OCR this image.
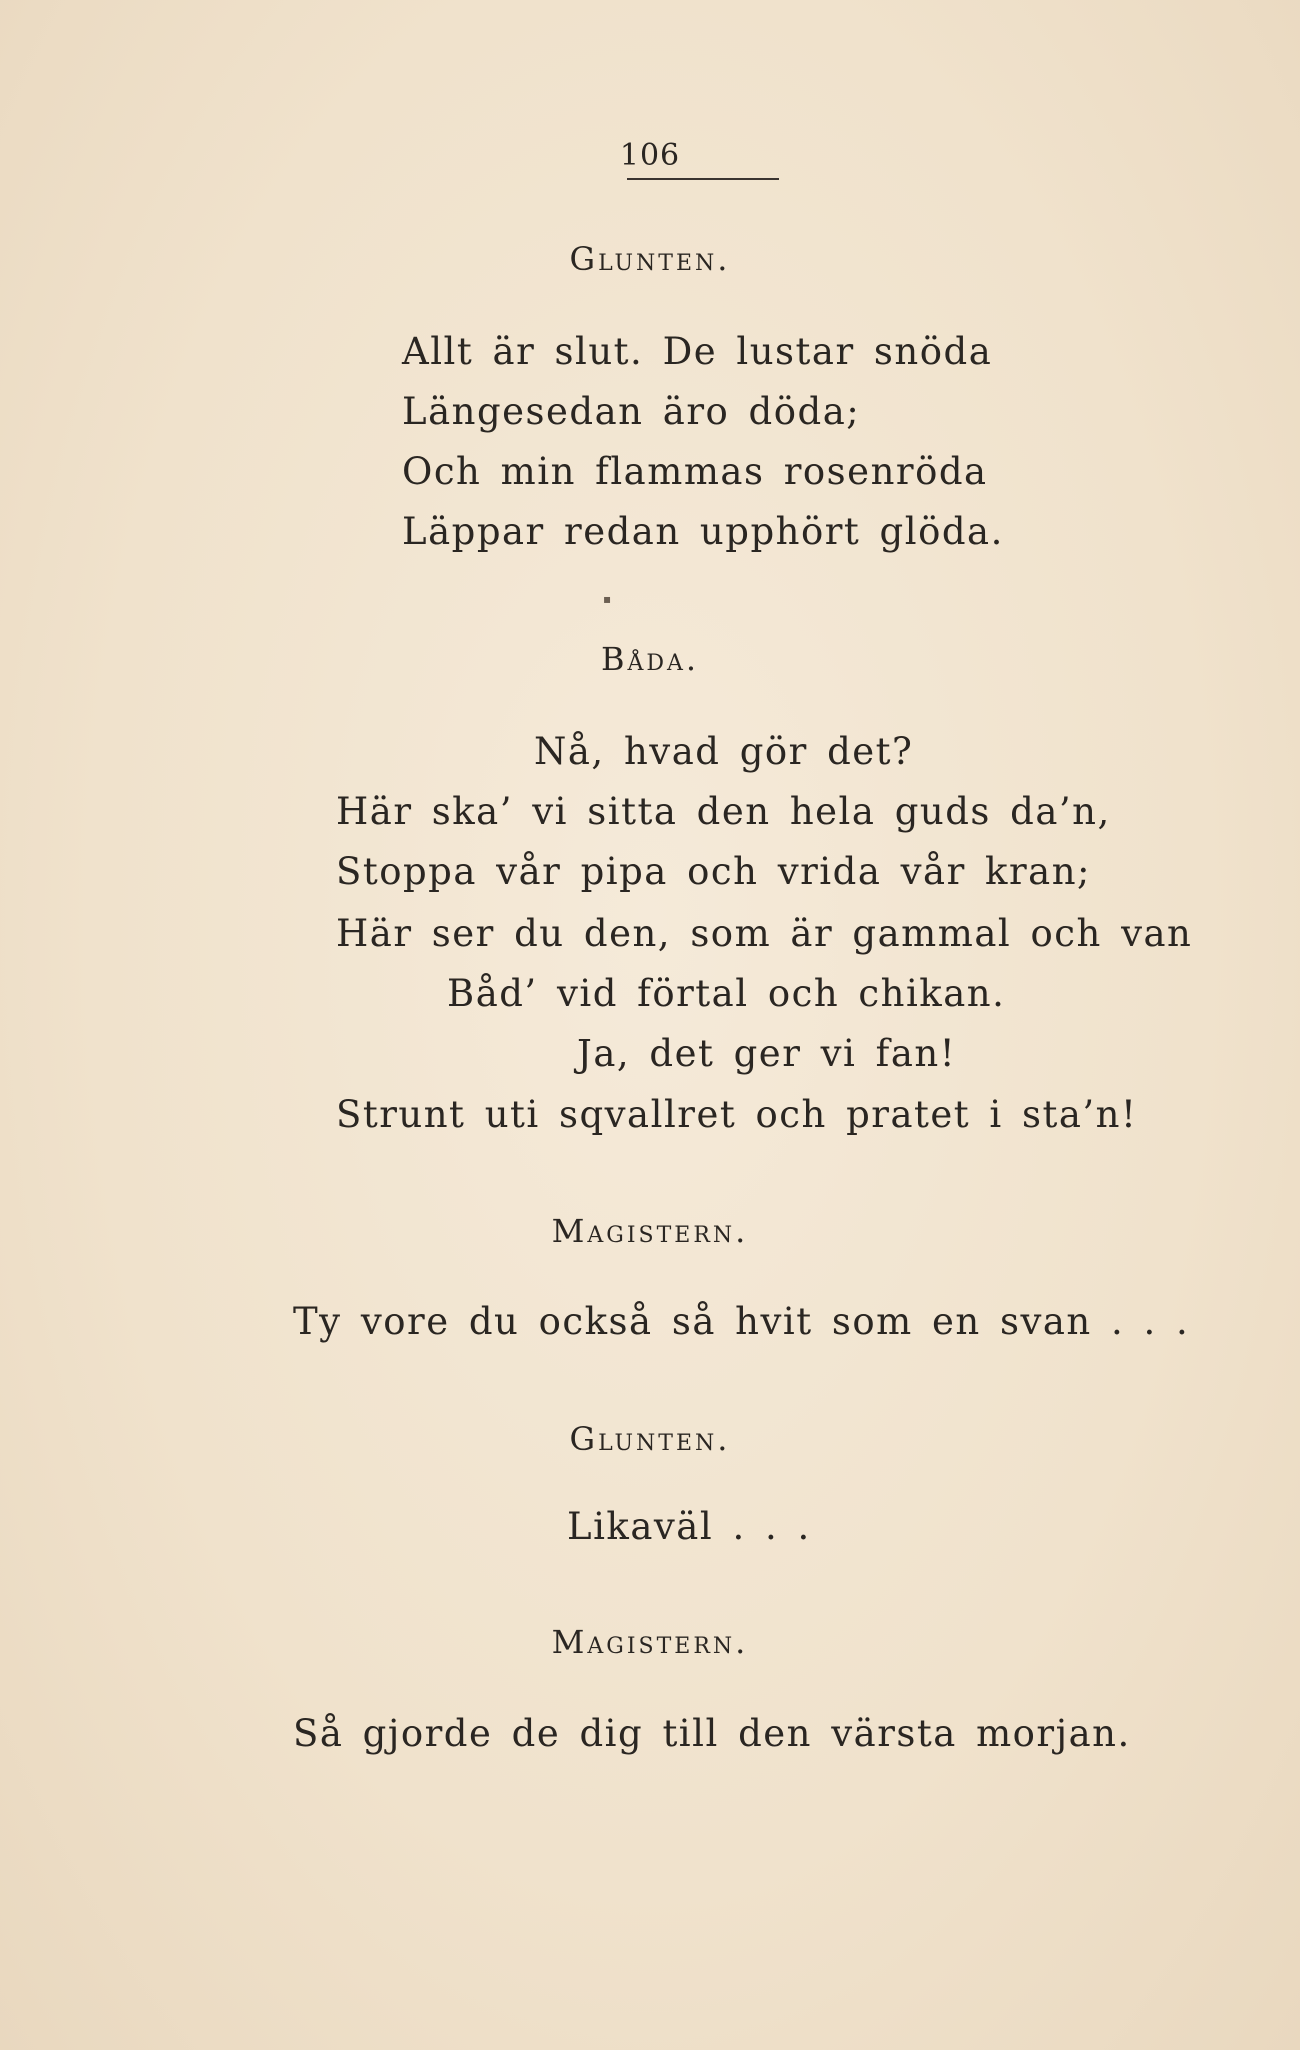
106
Glunten.
Allt är slut. De lustar snöda
Längesedan äro döda;
Och min flammas rosenröda
Läppar redan upphört glöda.
▪
Båda.
Nå, hvad gör det?
Här ska’ vi sitta den hela guds da’n,
Stoppa vår pipa och vrida vår kran;
Här ser du den, som är gammal och van
Båd’ vid förtal och chikan.
Ja, det ger vi fan!
Strunt uti sqvallret och pratet i sta’n!
Magistern.
Ty vore du också så hvit som en svan . . .
Glunten.
Likaväl . . .
Magistern.
Så gjorde de dig till den värsta morjan.
